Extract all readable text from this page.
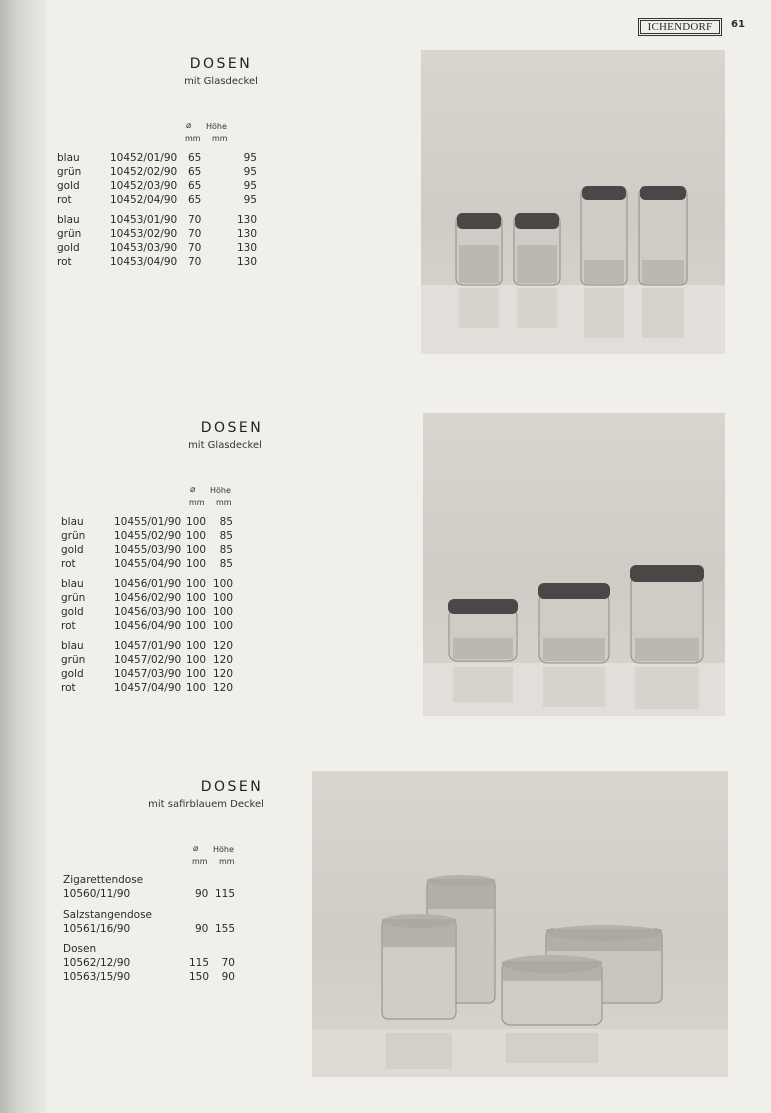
ICHENDORF	61
DOSEN
mit Glasdeckel
⌀	Höhe
mm	mm
blau	10452/01/90 65	95
grün	10452/02/90 65	95
gold	10452/03/90 65	95
rot	10452/04/90 65	95
blau	10453/01/90 70	130
grün	10453/02/90 70	130
gold	10453/03/90 70	130
rot	10453/04/90 70	130
DOSEN
mit Glasdeckel
⌀	Höhe
mm	mm
blau	10455/01/90 100	85
grün	10455/02/90 100	85
gold	10455/03/90 100	85
rot	10455/04/90 100	85
blau	10456/01/90 100 100
grün	10456/02/90 100 100
gold	10456/03/90 100 100
rot	10456/04/90 100 100
blau	10457/01/90 100 120
grün	10457/02/90 100 120
gold	10457/03/90 100 120
rot	10457/04/90 100 120
DOSEN
mit safirblauem Deckel
⌀	Höhe
mm	mm
Zigarettendose
10560/11/90	90 115
Salzstangendose
10561/16/90	90 155
Dosen
10562/12/90	115	70
10563/15/90	150	90
